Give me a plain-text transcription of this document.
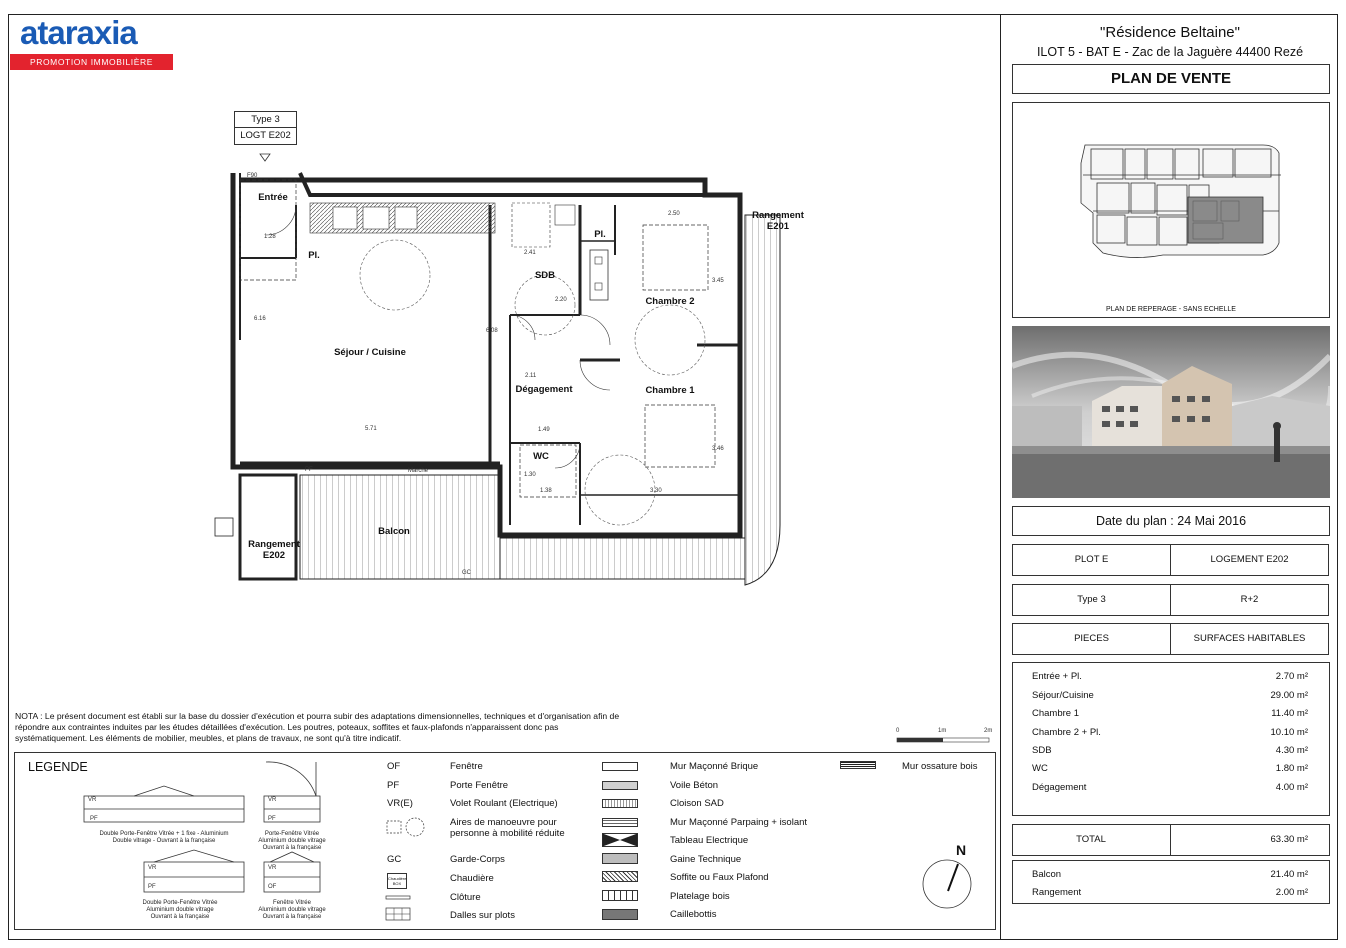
ataraxia
PROMOTION IMMOBILIÈRE
"Résidence Beltaine"
ILOT 5 - BAT E - Zac de la Jaguère 44400 Rezé
PLAN DE VENTE
PLAN DE REPERAGE - SANS ECHELLE
Date du plan : 24 Mai 2016
PLOT E	LOGEMENT E202
Type 3	R+2
PIECES	SURFACES HABITABLES
Entrée + Pl.	2.70 m²
Séjour/Cuisine	29.00 m²
Chambre 1	11.40 m²
Chambre 2 + Pl.	10.10 m²
SDB	4.30 m²
WC	1.80 m²
Dégagement	4.00 m²
TOTAL	63.30 m²
Balcon	21.40 m²
Rangement	2.00 m²
Type 3
LOGT E202
Entrée
Pl.
Pl.
Séjour / Cuisine
SDB
Chambre 2
Chambre 1
Dégagement
WC
Balcon
Rangement
E202
Rangement
E201
1.28
5.71
2.20
2.50
1.49
1.30
1.38	3.30
3.45
3.46
6.16
6.08
2.11
2.41
PF
GC
Marche
F90
NOTA : Le présent document est établi sur la base du dossier d'exécution et pourra subir des adaptations dimensionnelles, techniques et d'organisation afin de répondre aux contraintes induites par les études détaillées d'exécution. Les poutres, poteaux, soffites et faux-plafonds n'apparaissent donc pas systématiquement. Les éléments de mobilier, meubles, et plans de travaux, ne sont qu'à titre indicatif.
0	1m	2m
LEGENDE
VR
PF
VR
PF
VR
PF
VR
OF
Double Porte-Fenêtre Vitrée + 1 fixe - Aluminium
Double vitrage - Ouvrant à la française
Porte-Fenêtre Vitrée
Aluminium double vitrage
Ouvrant à la française
Double Porte-Fenêtre Vitrée
Aluminium double vitrage
Ouvrant à la française
Fenêtre Vitrée
Aluminium double vitrage
Ouvrant à la française
OF	Fenêtre
PF	Porte Fenêtre
VR(E)	Volet Roulant (Electrique)
Aires de manoeuvre pour personne à mobilité réduite
GC	Garde-Corps
Chaudière
BOX	Chaudière
Clôture
Dalles sur plots
Mur Maçonné Brique
Voile Béton
Cloison SAD
Mur Maçonné Parpaing + isolant
Tableau Electrique
Gaine Technique
Soffite ou Faux Plafond
Platelage bois
Caillebottis
Mur ossature bois
N
